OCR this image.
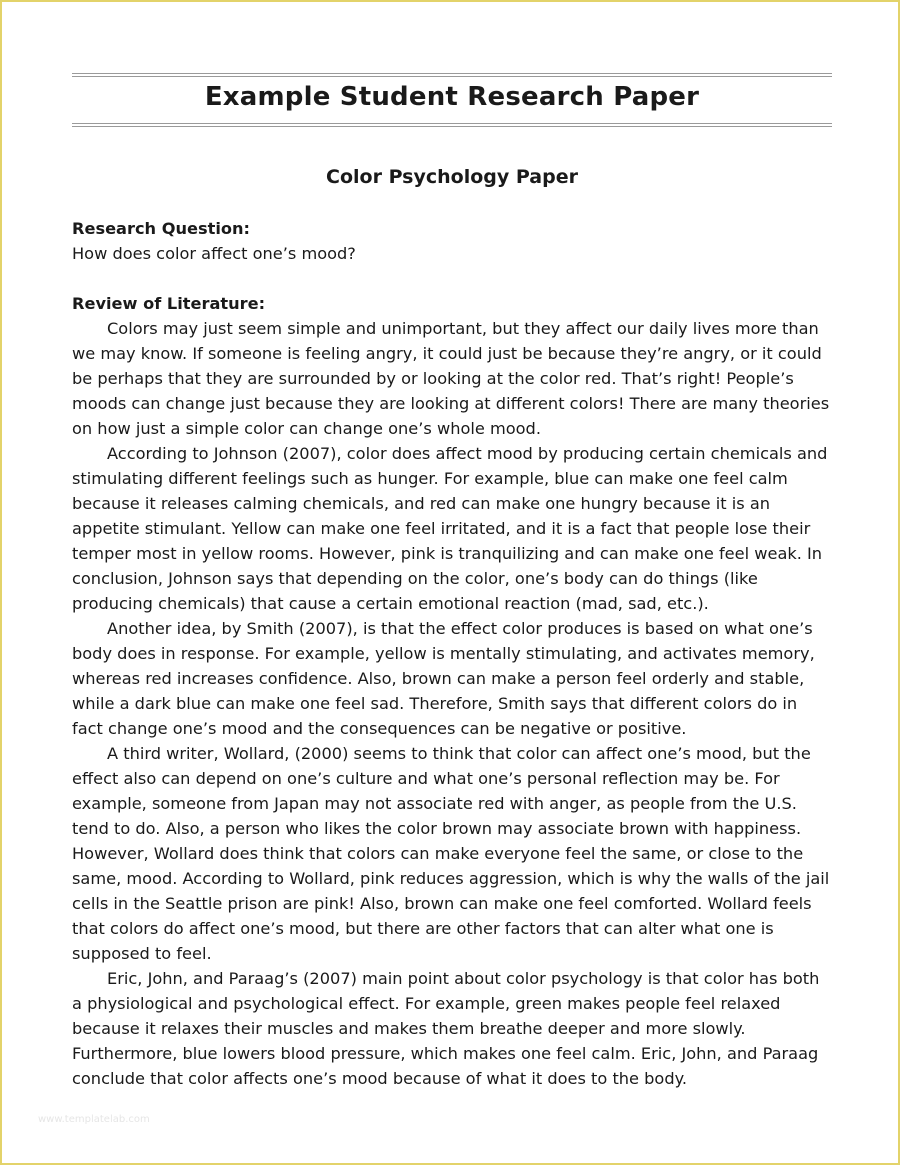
Example Student Research Paper
Color Psychology Paper

Research Question:

How does color affect one’s mood?

Review of Literature:

Colors may just seem simple and unimportant, but they affect our daily lives more than we may know. If someone is feeling angry, it could just be because they’re angry, or it could be perhaps that they are surrounded by or looking at the color red. That’s right! People’s moods can change just because they are looking at different colors! There are many theories on how just a simple color can change one’s whole mood.

According to Johnson (2007), color does affect mood by producing certain chemicals and stimulating different feelings such as hunger. For example, blue can make one feel calm because it releases calming chemicals, and red can make one hungry because it is an appetite stimulant. Yellow can make one feel irritated, and it is a fact that people lose their temper most in yellow rooms. However, pink is tranquilizing and can make one feel weak. In conclusion, Johnson says that depending on the color, one’s body can do things (like producing chemicals) that cause a certain emotional reaction (mad, sad, etc.).

Another idea, by Smith (2007), is that the effect color produces is based on what one’s body does in response. For example, yellow is mentally stimulating, and activates memory, whereas red increases confidence. Also, brown can make a person feel orderly and stable, while a dark blue can make one feel sad. Therefore, Smith says that different colors do in fact change one’s mood and the consequences can be negative or positive.

A third writer, Wollard, (2000) seems to think that color can affect one’s mood, but the effect also can depend on one’s culture and what one’s personal reflection may be. For example, someone from Japan may not associate red with anger, as people from the U.S. tend to do. Also, a person who likes the color brown may associate brown with happiness. However, Wollard does think that colors can make everyone feel the same, or close to the same, mood. According to Wollard, pink reduces aggression, which is why the walls of the jail cells in the Seattle prison are pink! Also, brown can make one feel comforted. Wollard feels that colors do affect one’s mood, but there are other factors that can alter what one is supposed to feel.

Eric, John, and Paraag’s (2007) main point about color psychology is that color has both a physiological and psychological effect. For example, green makes people feel relaxed because it relaxes their muscles and makes them breathe deeper and more slowly. Furthermore, blue lowers blood pressure, which makes one feel calm. Eric, John, and Paraag conclude that color affects one’s mood because of what it does to the body.

www.templatelab.com
